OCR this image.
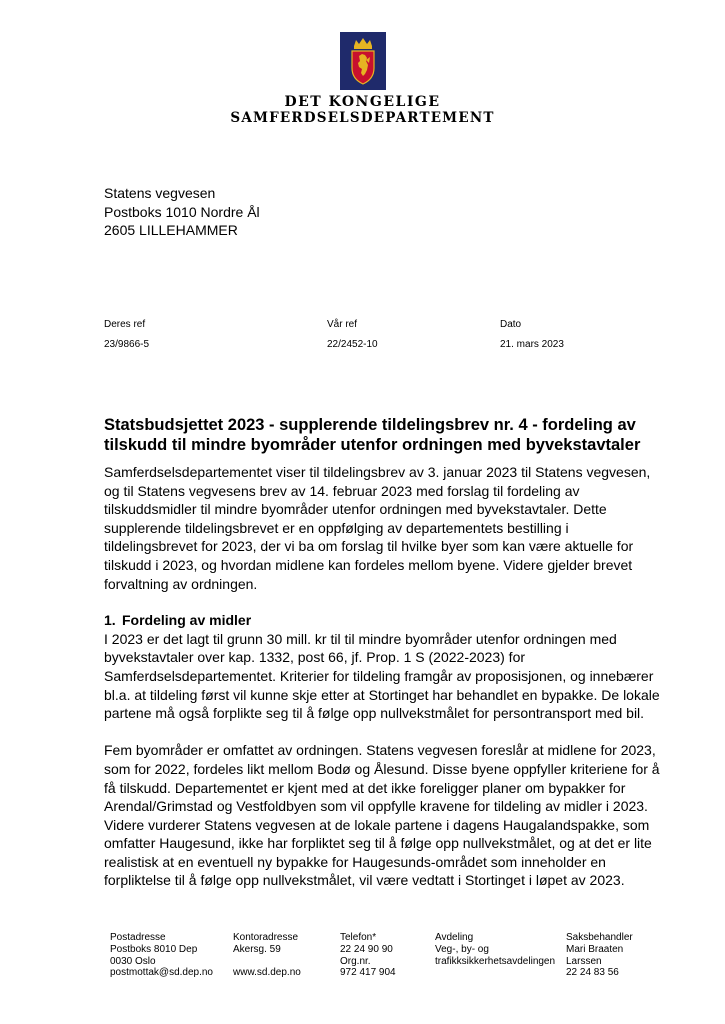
DET KONGELIGE
SAMFERDSELSDEPARTEMENT
Statens vegvesen
Postboks 1010 Nordre Ål
2605 LILLEHAMMER
Deres ref
23/9866-5
Vår ref
22/2452-10
Dato
21. mars 2023
Statsbudsjettet 2023 - supplerende tildelingsbrev nr. 4 - fordeling av tilskudd til mindre byområder utenfor ordningen med byvekstavtaler

Samferdselsdepartementet viser til tildelingsbrev av 3. januar 2023 til Statens vegvesen, og til Statens vegvesens brev av 14. februar 2023 med forslag til fordeling av tilskuddsmidler til mindre byområder utenfor ordningen med byvekstavtaler. Dette supplerende tildelingsbrevet er en oppfølging av departementets bestilling i tildelingsbrevet for 2023, der vi ba om forslag til hvilke byer som kan være aktuelle for tilskudd i 2023, og hvordan midlene kan fordeles mellom byene. Videre gjelder brevet forvaltning av ordningen.

1. Fordeling av midler

I 2023 er det lagt til grunn 30 mill. kr til til mindre byområder utenfor ordningen med byvekstavtaler over kap. 1332, post 66, jf. Prop. 1 S (2022-2023) for Samferdselsdepartementet. Kriterier for tildeling framgår av proposisjonen, og innebærer bl.a. at tildeling først vil kunne skje etter at Stortinget har behandlet en bypakke. De lokale partene må også forplikte seg til å følge opp nullvekstmålet for persontransport med bil.

Fem byområder er omfattet av ordningen. Statens vegvesen foreslår at midlene for 2023, som for 2022, fordeles likt mellom Bodø og Ålesund. Disse byene oppfyller kriteriene for å få tilskudd. Departementet er kjent med at det ikke foreligger planer om bypakker for Arendal/Grimstad og Vestfoldbyen som vil oppfylle kravene for tildeling av midler i 2023. Videre vurderer Statens vegvesen at de lokale partene i dagens Haugalandspakke, som omfatter Haugesund, ikke har forpliktet seg til å følge opp nullvekstmålet, og at det er lite realistisk at en eventuell ny bypakke for Haugesunds-området som inneholder en forpliktelse til å følge opp nullvekstmålet, vil være vedtatt i Stortinget i løpet av 2023.

Postadresse
Postboks 8010 Dep
0030 Oslo
postmottak@sd.dep.no
Kontoradresse
Akersg. 59

www.sd.dep.no
Telefon*
22 24 90 90
Org.nr.
972 417 904
Avdeling
Veg-, by- og
trafikksikkerhetsavdelingen
Saksbehandler
Mari Braaten
Larssen
22 24 83 56
